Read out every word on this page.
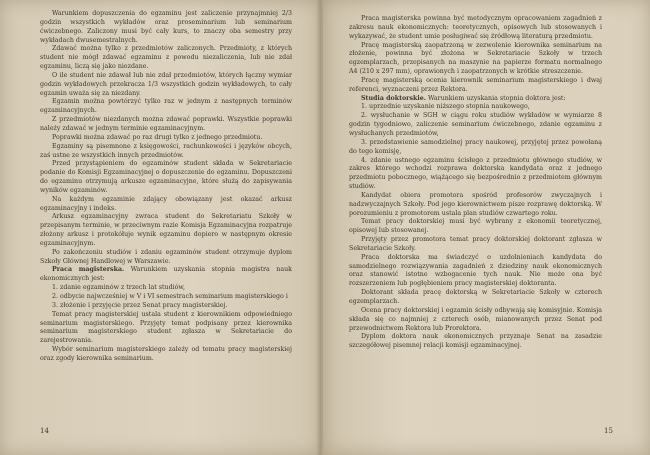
Warunkiem dopuszczenia do egzaminu jest zaliczenie przynajmniej 2/3 godzin wszystkich wykładów oraz proseminarium lub seminarium ćwiczebnego. Zaliczony musi być cały kurs, to znaczy oba semestry przy wykładach dwusemestralnych.

Zdawać można tylko z przedmiotów zaliczonych. Przedmioty, z których student nie mógł zdawać egzaminu z powodu niezaliczenia, lub nie zdał egzaminu, liczą się jako niezdane.

O ile student nie zdawał lub nie zdał przedmiotów, których łączny wymiar godzin wykładowych przekracza 1/3 wszystkich godzin wykładowych, to cały egzamin uważa się za niezdany.

Egzamin można powtórzyć tylko raz w jednym z następnych terminów egzaminacyjnych.

Z przedmiotów niezdanych można zdawać poprawki. Wszystkie poprawki należy zdawać w jednym terminie egzaminacyjnym.

Poprawki można zdawać po raz drugi tylko z jednego przedmiotu.

Egzaminy są pisemnone z księgowości, rachunkowości i języków obcych, zaś ustne ze wszystkich innych przedmiotów.

Przed przystąpieniem do egzaminów student składa w Sekretariacie podanie do Komisji Egzaminacyjnej o dopuszczenie do egzaminu. Dopuszczeni do egzaminu otrzymują arkusze egzaminacyjne, które służą do zapisywania wyników egzaminów.

Na każdym egzaminie zdający obowiązany jest okazać arkusz egzaminacyjny i indeks.

Arkusz egzaminacyjny zwraca student do Sekretariatu Szkoły w przepisanym terminie, w przeciwnym razie Komisja Egzaminacyjna rozpatruje złożony arkusz i protokółuje wynik egzaminu dopiero w następnym okresie egzaminacyjnym.

Po zakończeniu studiów i zdaniu egzaminów student otrzymuje dyplom Szkoły Głównej Handlowej w Warszawie.

Praca magisterska. Warunkiem uzyskania stopnia magistra nauk ekonomicznych jest:

1. zdanie egzaminów z trzech lat studiów,

2. odbycie najwcześniej w V i VI semestrach seminarium magisterskiego i

3. złożenie i przyjęcie przez Senat pracy magisterskiej.

Temat pracy magisterskiej ustala student z kierownikiem odpowiedniego seminarium magisterskiego. Przyjęty temat podpisany przez kierownika seminarium magisterskiego student zgłasza w Sekretariacie do zarejestrowania.

Wybór seminarium magisterskiego zależy od tematu pracy magisterskiej oraz zgody kierownika seminarium.

14

Praca magisterska powinna być metodycznym opracowaniem zagadnień z zakresu nauk ekonomicznych: teoretycznych, opisowych lub stosowanych i wykazywać, że student umie posługiwać się źródłową literaturą przedmiotu.

Pracę magisterską zaopatrzoną w zezwolenie kierownika seminarium na złożenie, powinna być złożona w Sekretariacie Szkoły w trzech egzemplarzach, przepisanych na maszynie na papierze formatu normalnego A4 (210 x 297 mm), oprawionych i zaopatrzonych w krótkie streszczenie.

Pracę magisterską ocenia kierownik seminarium magisterskiego i dwaj referenci, wyznaczeni przez Rektora.

Studia doktorskie. Warunkiem uzyskania stopnia doktora jest:

1. uprzednie uzyskanie niższego stopnia naukowego,

2. wysłuchanie w SGH w ciągu roku studiów wykładów w wymiarze 8 godzin tygodniowo, zaliczenie seminarium ćwiczebnego, zdanie egzaminu z wysłuchanych przedmiotów,

3. przedstawienie samodzielnej pracy naukowej, przyjętej przez powołaną do tego komisję,

4. zdanie ustnego egzaminu ścisłego z przedmiotu głównego studiów, w zakres którego wchodzi rozprawa doktorska kandydata oraz z jednego przedmiotu pobocznego, wiążącego się bezpośrednio z przedmiotem głównym studiów.

Kandydat obiera promotora spośród profesorów zwyczajnych i nadzwyczajnych Szkoły. Pod jego kierownictwem pisze rozprawę doktorską. W porozumieniu z promotorem ustala plan studiów czwartego roku.

Temat pracy doktorskiej musi być wybrany z ekonomii teoretycznej, opisowej lub stosowanej.

Przyjęty przez promotora temat pracy doktorskiej doktorant zgłasza w Sekretariacie Szkoły.

Praca doktorska ma świadczyć o uzdolnieniach kandydata do samodzielnego rozwiązywania zagadnień z dziedziny nauk ekonomicznych oraz stanowić istotne wzbogacenie tych nauk. Nie może ona być rozszerzeniem lub pogłębieniem pracy magisterskiej doktoranta.

Doktorant składa pracę doktorską w Sekretariacie Szkoły w czterech egzemplarzach.

Ocena pracy doktorskiej i egzamin ścisły odbywają się komisyjnie. Komisja składa się co najmniej z czterech osób, mianowanych przez Senat pod przewodnictwem Rektora lub Prorektora.

Dyplom doktora nauk ekonomicznych przyznaje Senat na zasadzie szczegółowej pisemnej relacji komisji egzaminacyjnej.

15
